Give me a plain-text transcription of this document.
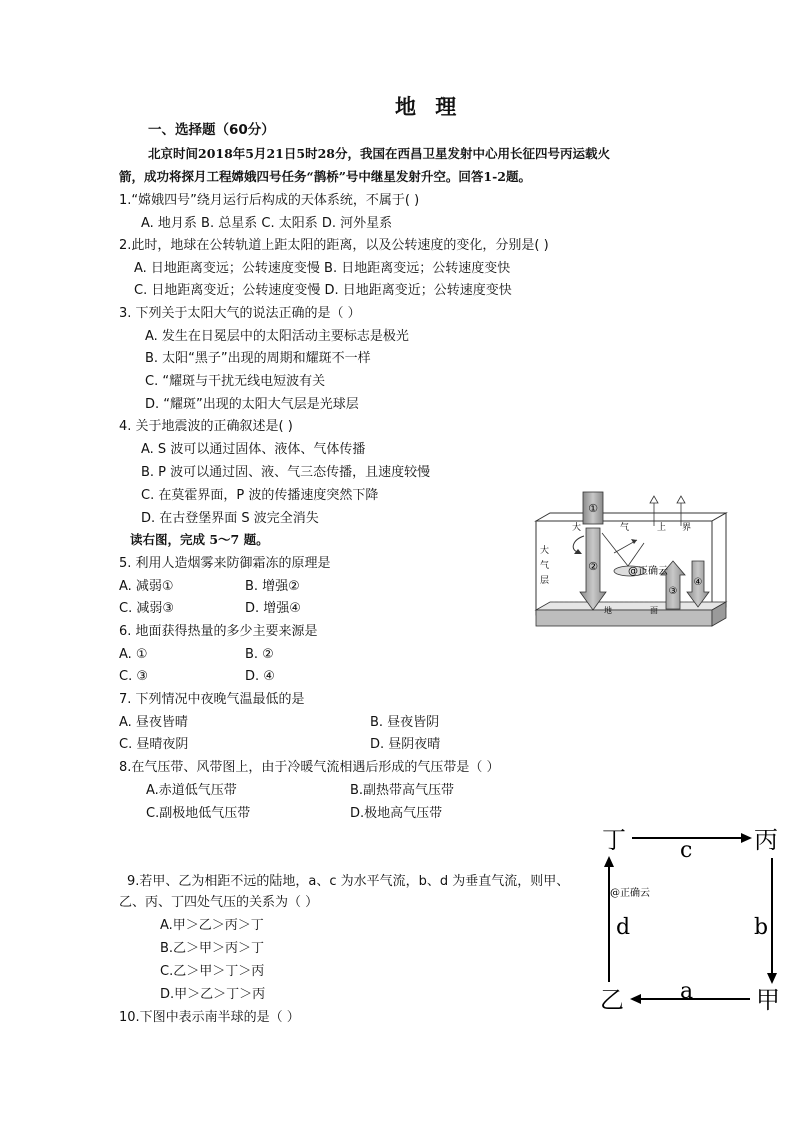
地 理
一、选择题（60分）
北京时间2018年5月21日5时28分，我国在西昌卫星发射中心用长征四号丙运载火
箭，成功将探月工程嫦娥四号任务“鹊桥”号中继星发射升空。回答1-2题。
1.“嫦娥四号”绕月运行后构成的天体系统，不属于( )
A. 地月系 B. 总星系 C. 太阳系 D. 河外星系
2.此时，地球在公转轨道上距太阳的距离，以及公转速度的变化，分别是( )
A. 日地距离变远；公转速度变慢 B. 日地距离变远；公转速度变快
C. 日地距离变近；公转速度变慢 D. 日地距离变近；公转速度变快
3. 下列关于太阳大气的说法正确的是（ ）
A. 发生在日冕层中的太阳活动主要标志是极光
B. 太阳“黑子”出现的周期和耀斑不一样
C. “耀斑与干扰无线电短波有关
D. “耀斑”出现的太阳大气层是光球层
4. 关于地震波的正确叙述是( )
A. S 波可以通过固体、液体、气体传播
B. P 波可以通过固、液、气三态传播，且速度较慢
C. 在莫霍界面，P 波的传播速度突然下降
D. 在古登堡界面 S 波完全消失
读右图，完成 5～7 题。
5. 利用人造烟雾来防御霜冻的原理是
A. 减弱①	B. 增强②
C. 减弱③	D. 增强④
6. 地面获得热量的多少主要来源是
A. ①	B. ②
C. ③	D. ④
7. 下列情况中夜晚气温最低的是
A. 昼夜皆晴	B. 昼夜皆阴
C. 昼晴夜阴	D. 昼阴夜晴
8.在气压带、风带图上，由于冷暖气流相遇后形成的气压带是（ ）
A.赤道低气压带	B.副热带高气压带
C.副极地低气压带	D.极地高气压带
9.若甲、乙为相距不远的陆地，a、c 为水平气流，b、d 为垂直气流，则甲、
乙、丙、丁四处气压的关系为（ ）
A.甲＞乙＞丙＞丁
B.乙＞甲＞丙＞丁
C.乙＞甲＞丁＞丙
D.甲＞乙＞丁＞丙
10.下图中表示南半球的是（ ）
①
②
③
④
@正确云
大	气	上 界
大
气
层
地	面
丁	丙
乙	甲
c
b
a
d
@正确云
